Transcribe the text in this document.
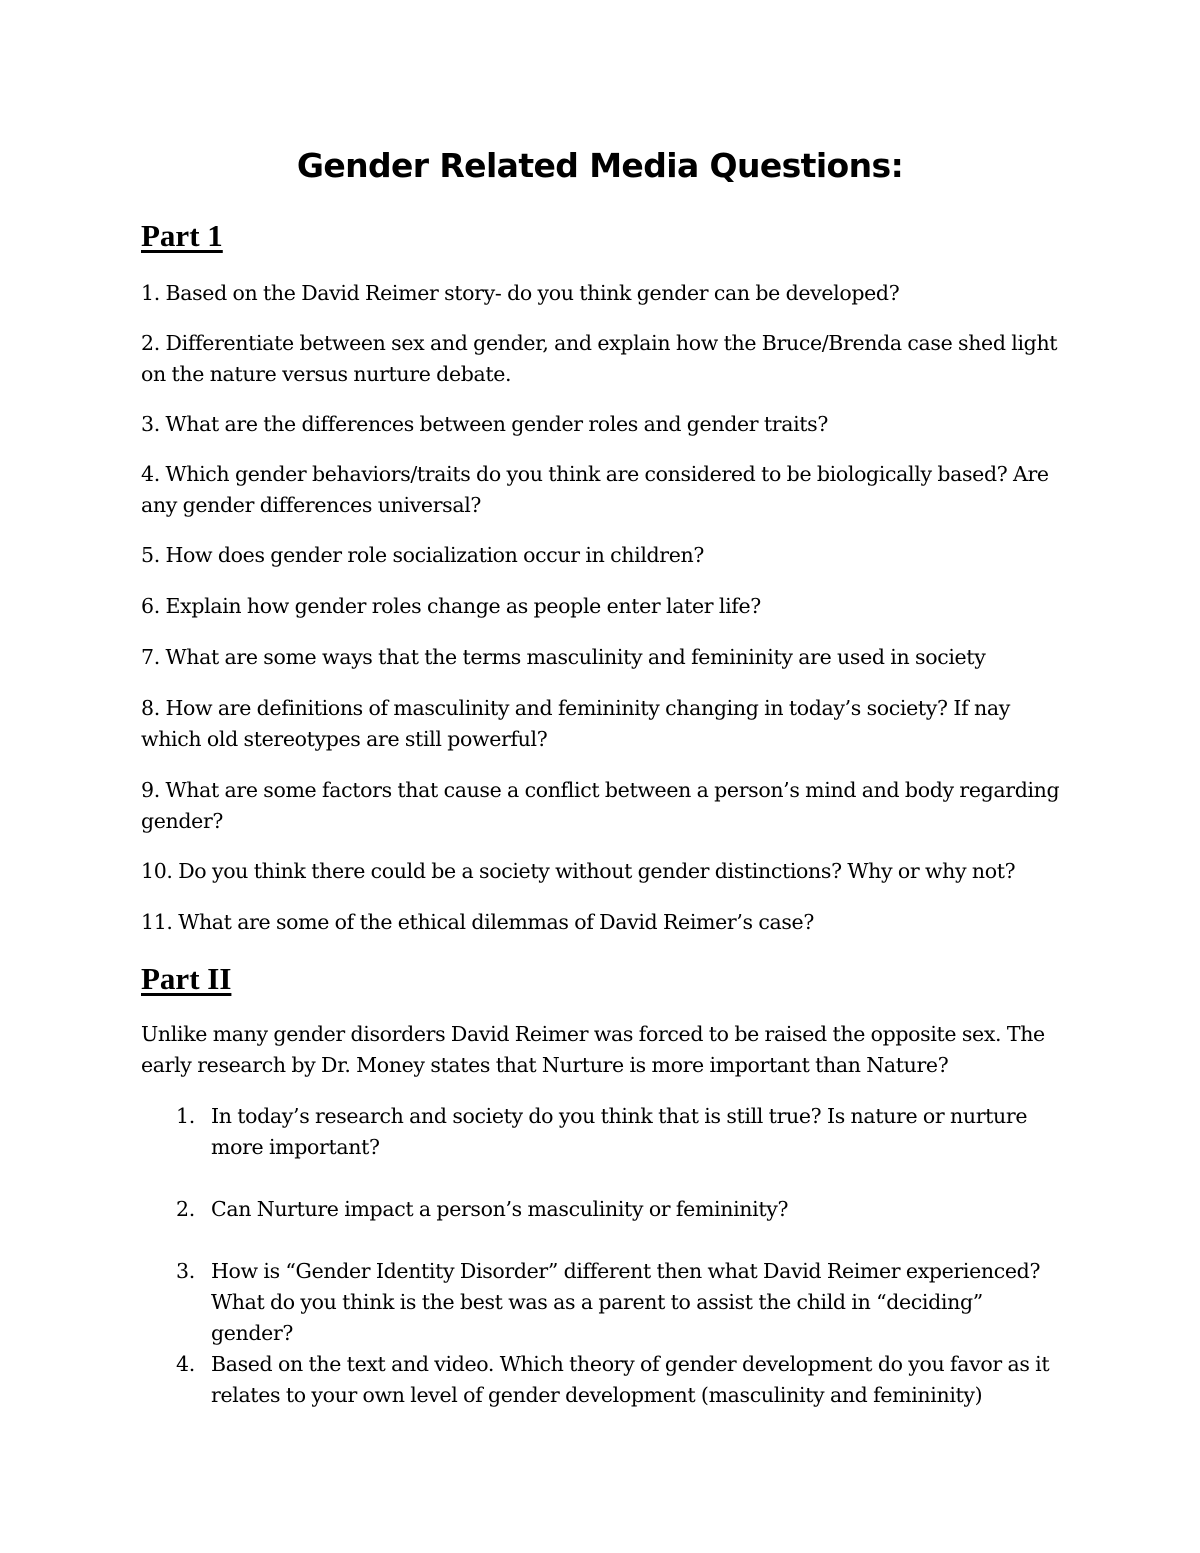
Gender Related Media Questions:
Part 1
1. Based on the David Reimer story- do you think gender can be developed?
2. Differentiate between sex and gender, and explain how the Bruce/Brenda case shed light on the nature versus nurture debate.
3. What are the differences between gender roles and gender traits?
4. Which gender behaviors/traits do you think are considered to be biologically based? Are any gender differences universal?
5. How does gender role socialization occur in children?
6. Explain how gender roles change as people enter later life?
7. What are some ways that the terms masculinity and femininity are used in society
8. How are definitions of masculinity and femininity changing in today’s society? If nay which old stereotypes are still powerful?
9. What are some factors that cause a conflict between a person’s mind and body regarding gender?
10. Do you think there could be a society without gender distinctions? Why or why not?
11. What are some of the ethical dilemmas of David Reimer’s case?
Part II
Unlike many gender disorders David Reimer was forced to be raised the opposite sex. The early research by Dr. Money states that Nurture is more important than Nature?
1. In today’s research and society do you think that is still true? Is nature or nurture more important?
2. Can Nurture impact a person’s masculinity or femininity?
3. How is “Gender Identity Disorder” different then what David Reimer experienced? What do you think is the best was as a parent to assist the child in “deciding” gender?
4. Based on the text and video. Which theory of gender development do you favor as it relates to your own level of gender development (masculinity and femininity)
